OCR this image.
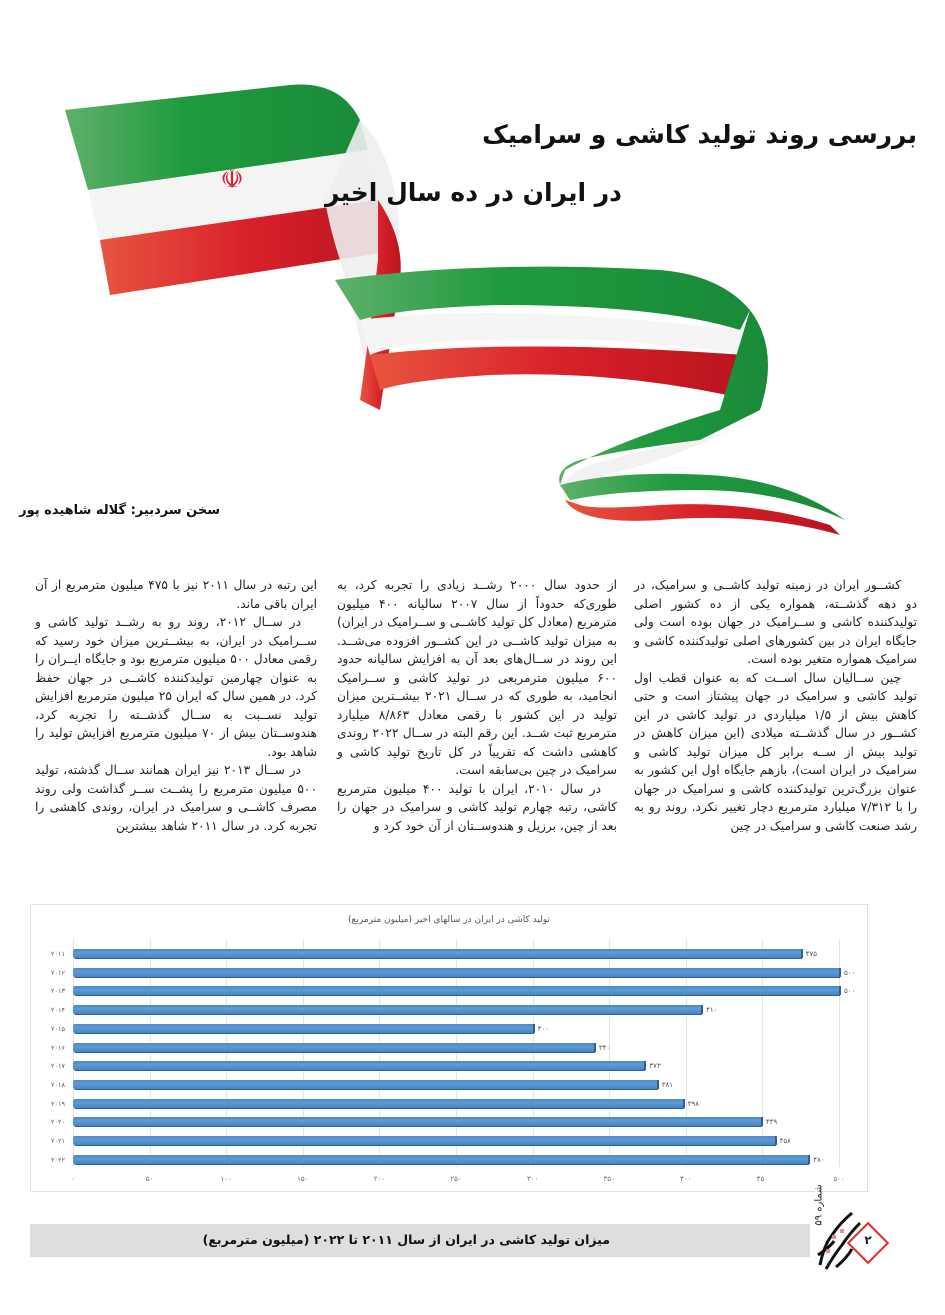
☫
بررسی روند تولید کاشی و سرامیک
در ایران در ده سال اخیر
سخن سردبیر: گلاله شاهیده پور

کشــور ایران در زمینه تولید کاشــی و سرامیک، در دو دهه گذشــته، همواره یکی از ده کشور اصلی تولیدکننده کاشی و ســرامیک در جهان بوده است ولی جایگاه ایران در بین کشورهای اصلی تولیدکننده کاشی و سرامیک همواره متغیر بوده است.

چین ســالیان سال اســت که به عنوان قطب اول تولید کاشی و سرامیک در جهان پیشتاز است و حتی کاهش بیش از ۱/۵ میلیاردی در تولید کاشی در این کشــور در سال گذشــته میلادی (این میزان کاهش در تولید بیش از ســه برابر کل میزان تولید کاشی و سرامیک در ایران است)، بازهم جایگاه اول این کشور به عنوان بزرگ‌ترین تولیدکننده کاشی و سرامیک در جهان را با ۷/۳۱۲ میلیارد مترمربع دچار تغییر نکرد. روند رو به رشد صنعت کاشی و سرامیک در چین

از حدود سال ۲۰۰۰ رشــد زیادی را تجربه کرد، به طوری‌که حدوداً از سال ۲۰۰۷ سالیانه ۴۰۰ میلیون مترمربع (معادل کل تولید کاشــی و ســرامیک در ایران) به میزان تولید کاشــی در این کشــور افزوده می‌شــد. این روند در ســال‌های بعد آن به افزایش سالیانه حدود ۶۰۰ میلیون مترمربعی در تولید کاشی و ســرامیک انجامید، به طوری که در ســال ۲۰۲۱ بیشــترین میزان تولید در این کشور با رقمی معادل ۸/۸۶۳ میلیارد مترمربع ثبت شــد. این رقم البته در ســال ۲۰۲۲ روندی کاهشی داشت که تقریباً در کل تاریخ تولید کاشی و سرامیک در چین بی‌سابقه است.

در سال ۲۰۱۰، ایران با تولید ۴۰۰ میلیون مترمربع کاشی، رتبه چهارم تولید کاشی و سرامیک در جهان را بعد از چین، برزیل و هندوســتان از آن خود کرد و

این رتبه در سال ۲۰۱۱ نیز با ۴۷۵ میلیون مترمربع از آن ایران باقی ماند.

در ســال ۲۰۱۲، روند رو به رشــد تولید کاشی و ســرامیک در ایران، به بیشــترین میزان خود رسید که رقمی معادل ۵۰۰ میلیون مترمربع بود و جایگاه ایــران را به عنوان چهارمین تولیدکننده کاشــی در جهان حفظ کرد. در همین سال که ایران ۲۵ میلیون مترمربع افزایش تولید نســبت به ســال گذشــته را تجربه کرد، هندوســتان بیش از ۷۰ میلیون مترمربع افزایش تولید را شاهد بود.

در ســال ۲۰۱۳ نیز ایران همانند ســال گذشته، تولید ۵۰۰ میلیون مترمربع را پشــت ســر گذاشت ولی روند مصرف کاشــی و سرامیک در ایران، روندی کاهشی را تجربه کرد. در سال ۲۰۱۱ شاهد بیشترین

تولید کاشی در ایران در سالهای اخیر (میلیون مترمربع)
۰	۵۰	۱۰۰	۱۵۰	۲۰۰	۲۵۰	۳۰۰	۳۵۰	۴۰۰	۴۵۰	۵۰۰
۲۰۱۱	۴۷۵
۲۰۱۲	۵۰۰
۲۰۱۳	۵۰۰
۲۰۱۴	۴۱۰
۲۰۱۵	۳۰۰
۲۰۱۶	۳۴۰
۲۰۱۷	۳۷۳
۲۰۱۸	۳۸۱
۲۰۱۹	۳۹۸
۲۰۲۰	۴۴۹
۲۰۲۱	۴۵۸
۲۰۲۲	۴۸۰
میزان تولید کاشی در ایران از سال ۲۰۱۱ تا ۲۰۲۲ (میلیون مترمربع)
شماره ۵۹
۲
